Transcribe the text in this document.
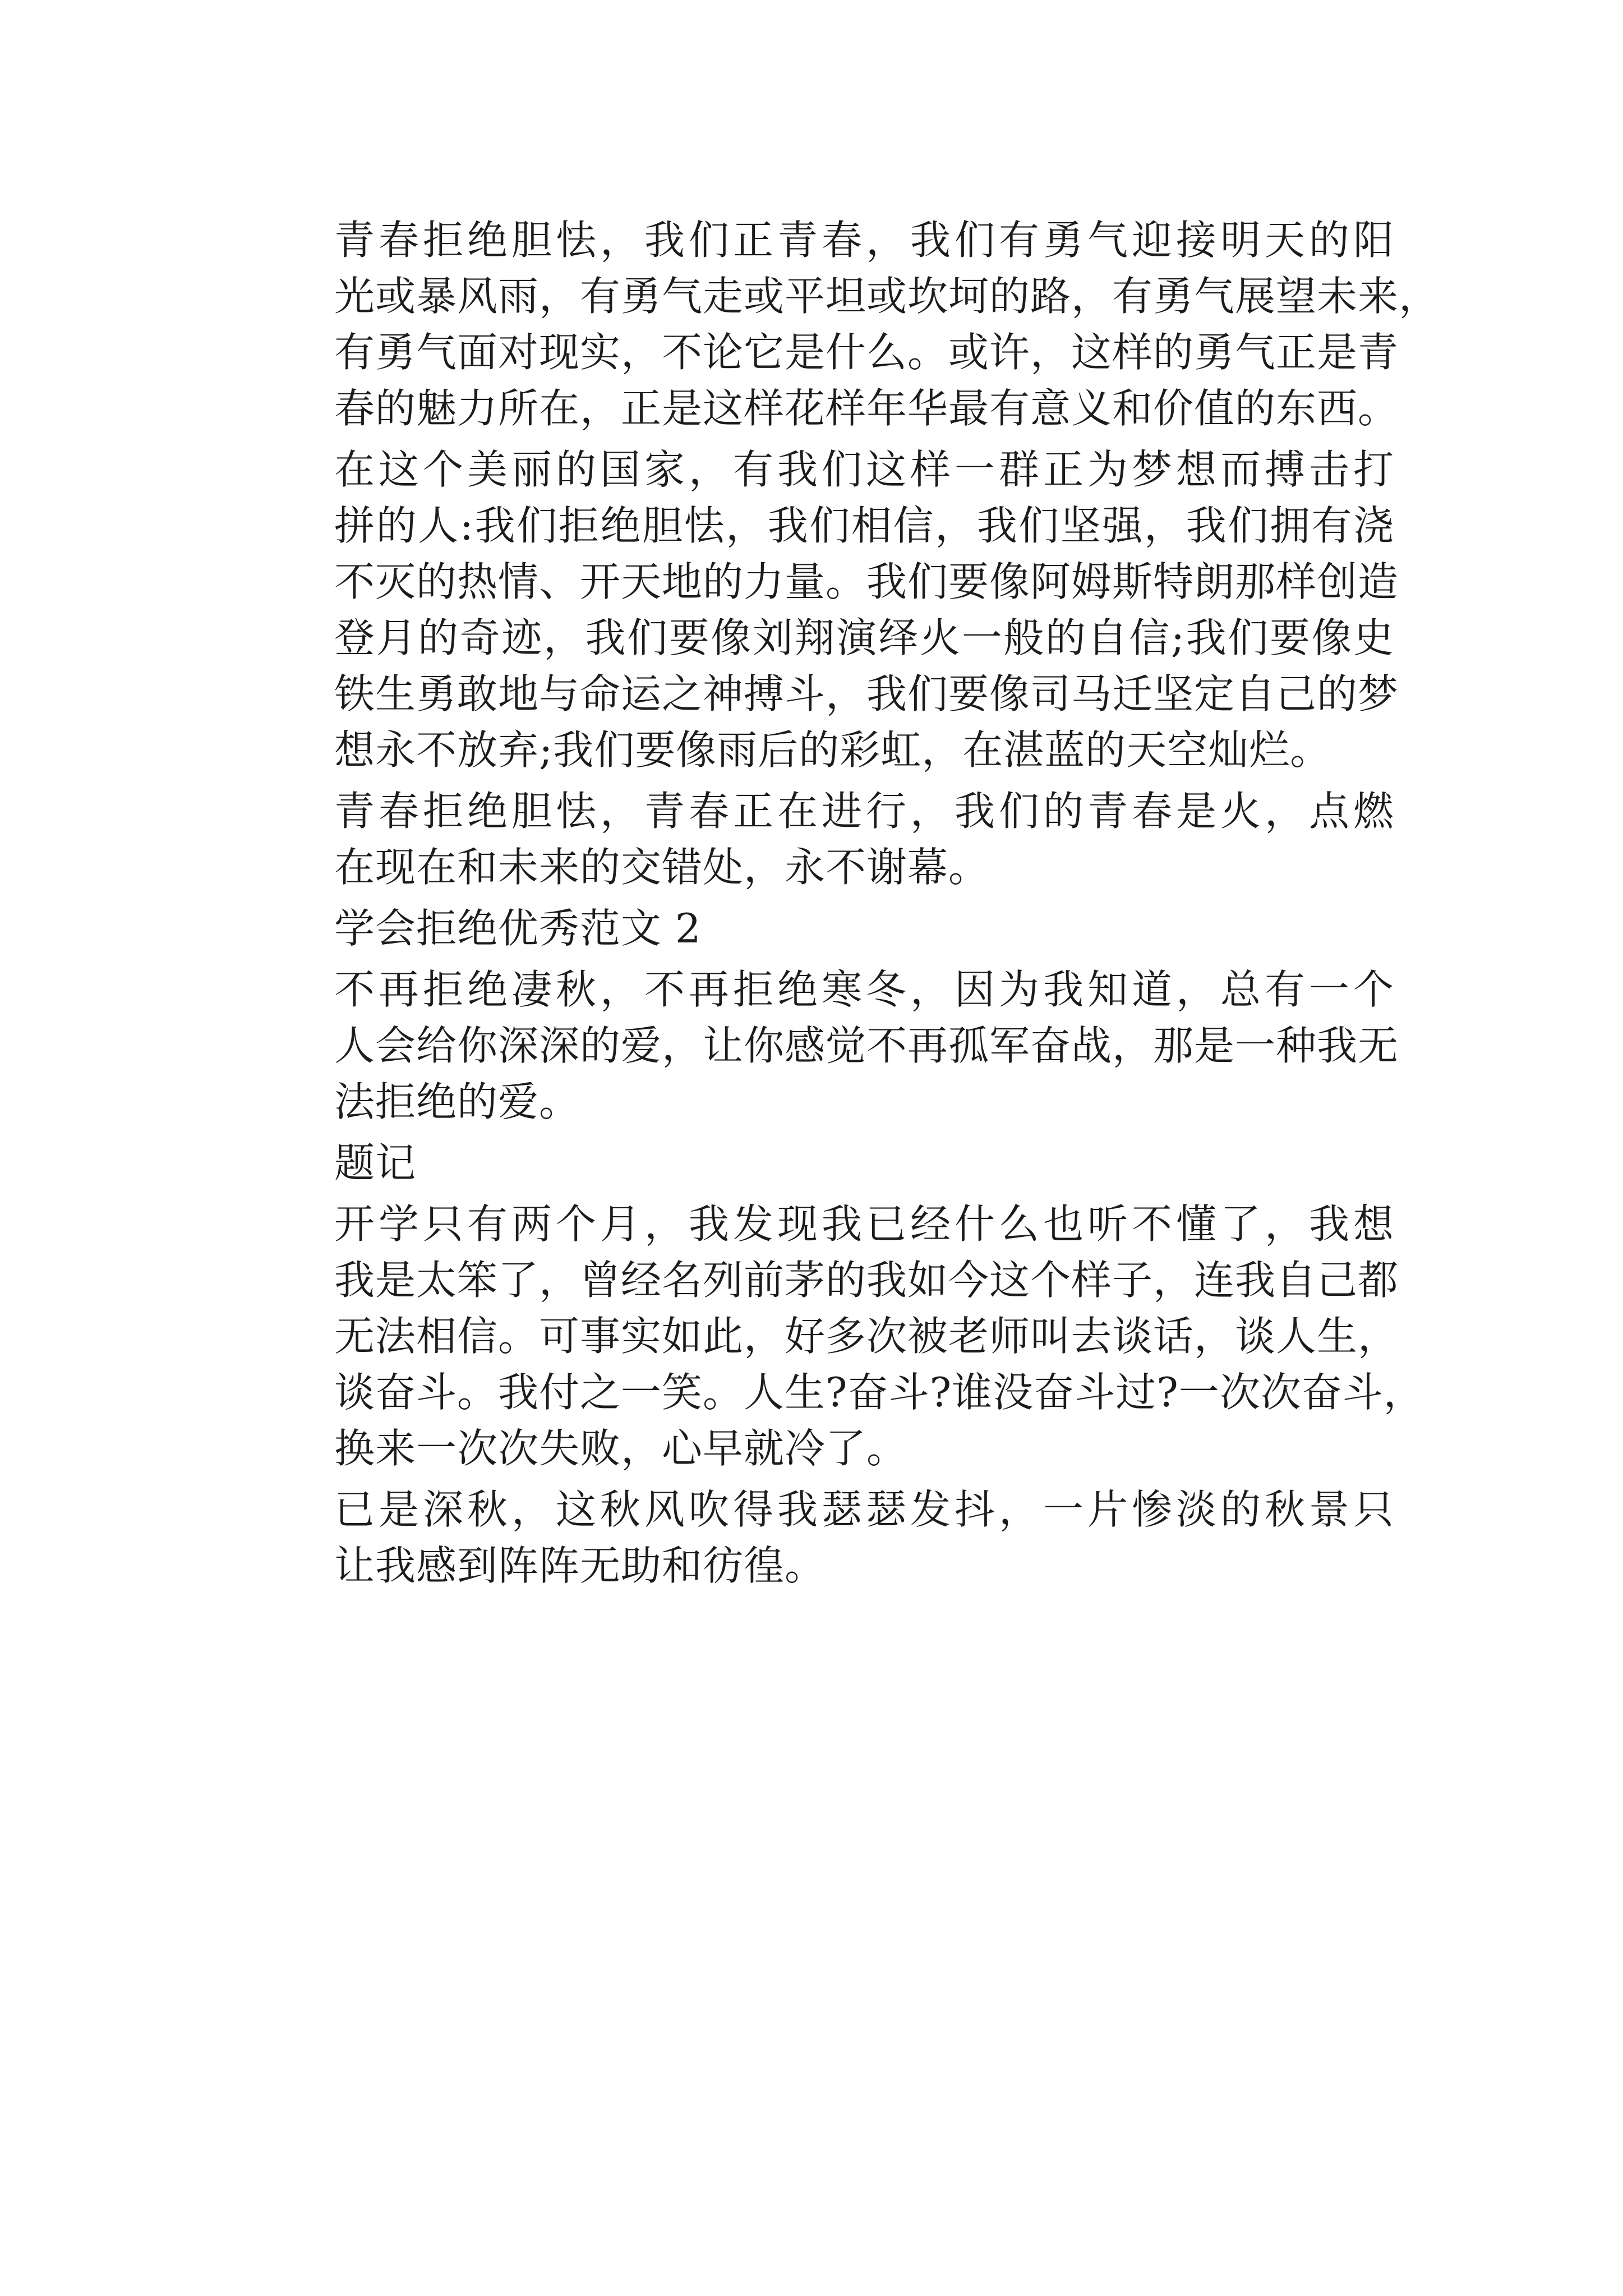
青春拒绝胆怯，我们正青春，我们有勇气迎接明天的阳
光或暴风雨，有勇气走或平坦或坎坷的路，有勇气展望未来，
有勇气面对现实，不论它是什么。或许，这样的勇气正是青
春的魅力所在，正是这样花样年华最有意义和价值的东西。

在这个美丽的国家，有我们这样一群正为梦想而搏击打
拼的人:我们拒绝胆怯，我们相信，我们坚强，我们拥有浇
不灭的热情、开天地的力量。我们要像阿姆斯特朗那样创造
登月的奇迹，我们要像刘翔演绎火一般的自信;我们要像史
铁生勇敢地与命运之神搏斗，我们要像司马迁坚定自己的梦
想永不放弃;我们要像雨后的彩虹，在湛蓝的天空灿烂。

青春拒绝胆怯，青春正在进行，我们的青春是火，点燃
在现在和未来的交错处，永不谢幕。

学会拒绝优秀范文 2

不再拒绝凄秋，不再拒绝寒冬，因为我知道，总有一个
人会给你深深的爱，让你感觉不再孤军奋战，那是一种我无
法拒绝的爱。

题记

开学只有两个月，我发现我已经什么也听不懂了，我想
我是太笨了，曾经名列前茅的我如今这个样子，连我自己都
无法相信。可事实如此，好多次被老师叫去谈话，谈人生，
谈奋斗。我付之一笑。人生?奋斗?谁没奋斗过?一次次奋斗，
换来一次次失败，心早就冷了。

已是深秋，这秋风吹得我瑟瑟发抖，一片惨淡的秋景只
让我感到阵阵无助和彷徨。
